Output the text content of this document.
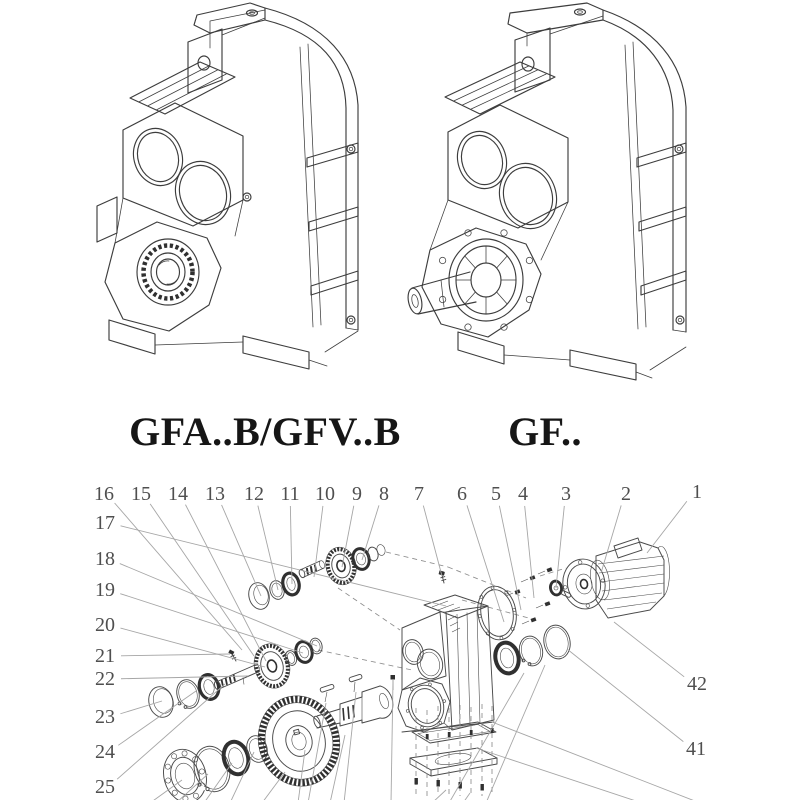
GFA..B/GFV..B	GF..
1
2
3
4
5
6
7
8
9
10
11
12
13
14
15
16
17
18
19
20
21
22
23
24
25
41
42
